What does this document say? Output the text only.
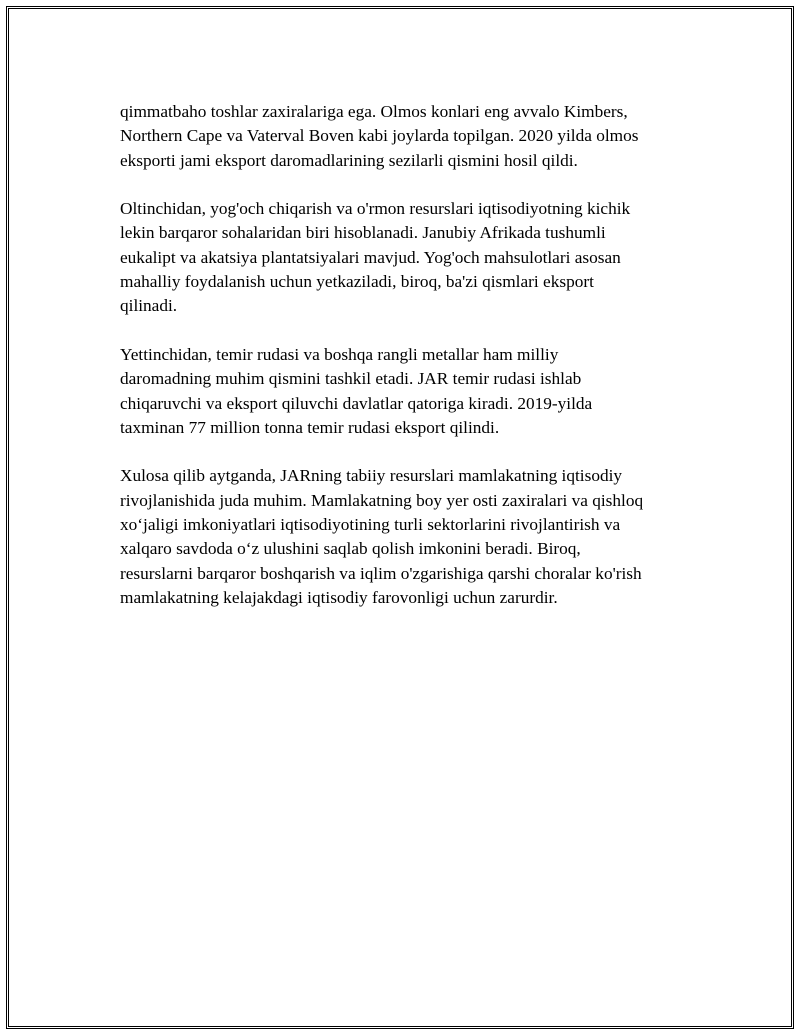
qimmatbaho toshlar zaxiralariga ega. Olmos konlari eng avvalo Kimbers,
Northern Cape va Vaterval Boven kabi joylarda topilgan. 2020 yilda olmos
eksporti jami eksport daromadlarining sezilarli qismini hosil qildi.

Oltinchidan, yog'och chiqarish va o'rmon resurslari iqtisodiyotning kichik
lekin barqaror sohalaridan biri hisoblanadi. Janubiy Afrikada tushumli
eukalipt va akatsiya plantatsiyalari mavjud. Yog'och mahsulotlari asosan
mahalliy foydalanish uchun yetkaziladi, biroq, ba'zi qismlari eksport
qilinadi.

Yettinchidan, temir rudasi va boshqa rangli metallar ham milliy
daromadning muhim qismini tashkil etadi. JAR temir rudasi ishlab
chiqaruvchi va eksport qiluvchi davlatlar qatoriga kiradi. 2019-yilda
taxminan 77 million tonna temir rudasi eksport qilindi.

Xulosa qilib aytganda, JARning tabiiy resurslari mamlakatning iqtisodiy
rivojlanishida juda muhim. Mamlakatning boy yer osti zaxiralari va qishloq
xo‘jaligi imkoniyatlari iqtisodiyotining turli sektorlarini rivojlantirish va
xalqaro savdoda o‘z ulushini saqlab qolish imkonini beradi. Biroq,
resurslarni barqaror boshqarish va iqlim o'zgarishiga qarshi choralar ko'rish
mamlakatning kelajakdagi iqtisodiy farovonligi uchun zarurdir.
